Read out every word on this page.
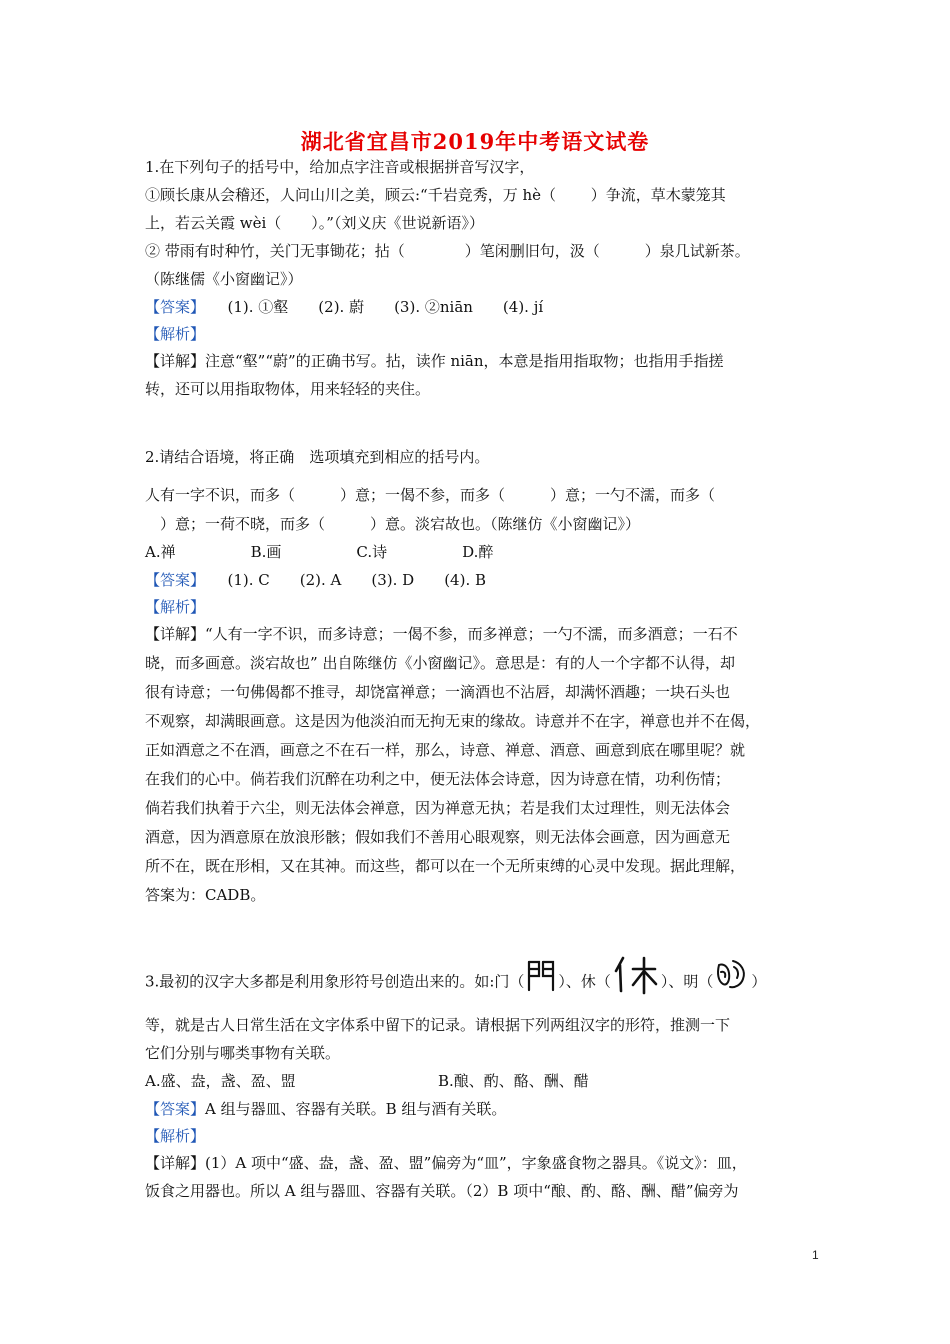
湖北省宜昌市2019年中考语文试卷
1.在下列句子的括号中，给加点字注音或根据拼音写汉字，
①顾长康从会稽还，人问山川之美，顾云:“千岩竞秀，万 hè（　　 ）争流，草木蒙笼其
上，若云关霞 wèi（　　）。”（刘义庆《世说新语》）
② 带雨有时种竹，关门无事锄花；拈（　　　　）笔闲删旧句，汲（　　　）泉几试新茶。
（陈继儒《小窗幽记》）
【答案】　　(1). ①壑　　(2). 蔚　　(3). ②niān　　(4). jí
【解析】
【详解】注意“壑”“蔚”的正确书写。拈，读作 niān，本意是指用指取物；也指用手指搓
转，还可以用指取物体，用来轻轻的夹住。
2.请结合语境，将正确　选项填充到相应的括号内。
人有一字不识，而多（　　　）意；一偈不参，而多（　　　）意；一勺不濡，而多（
　）意；一荷不晓，而多（　　　）意。淡宕故也。（陈继仿《小窗幽记》）
A.禅　　　　　B.画　　　　　C.诗　　　　　D.醉
【答案】　　(1). C　　(2). A　　(3). D　　(4). B
【解析】
【详解】“人有一字不识，而多诗意；一偈不参，而多禅意；一勺不濡，而多酒意；一石不
晓，而多画意。淡宕故也” 出自陈继仿《小窗幽记》。意思是：有的人一个字都不认得，却
很有诗意；一句佛偈都不推寻，却饶富禅意；一滴酒也不沾唇，却满怀酒趣；一块石头也
不观察，却满眼画意。这是因为他淡泊而无拘无束的缘故。诗意并不在字，禅意也并不在偈，
正如酒意之不在酒，画意之不在石一样，那么，诗意、禅意、酒意、画意到底在哪里呢？就
在我们的心中。倘若我们沉醉在功利之中，便无法体会诗意，因为诗意在情，功利伤情；
倘若我们执着于六尘，则无法体会禅意，因为禅意无执；若是我们太过理性，则无法体会
酒意，因为酒意原在放浪形骸；假如我们不善用心眼观察，则无法体会画意，因为画意无
所不在，既在形相，又在其神。而这些，都可以在一个无所束缚的心灵中发现。据此理解，
答案为：CADB。
3.最初的汉字大多都是利用象形符号创造出来的。如:门（ ）、休（	）、明（	）
等，就是古人日常生活在文字体系中留下的记录。请根据下列两组汉字的形符，推测一下
它们分别与哪类事物有关联。
A.盛、盎，盏、盈、盟	B.酿、酌、酪、酬、醋
【答案】A 组与器皿、容器有关联。B 组与酒有关联。
【解析】
【详解】(1）A 项中“盛、盎，盏、盈、盟”偏旁为“皿”，字象盛食物之器具。《说文》：皿，
饭食之用器也。所以 A 组与器皿、容器有关联。（2）B 项中“酿、酌、酪、酬、醋”偏旁为
1
